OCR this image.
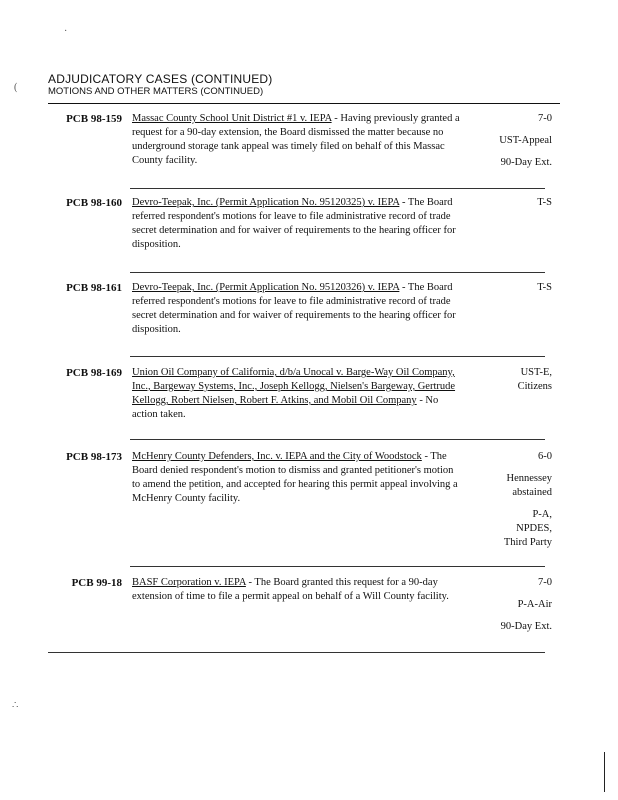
ADJUDICATORY CASES (CONTINUED)
MOTIONS AND OTHER MATTERS (CONTINUED)
PCB 98-159 Massac County School Unit District #1 v. IEPA - Having previously granted a request for a 90-day extension, the Board dismissed the matter because no underground storage tank appeal was timely filed on behalf of this Massac County facility.
7-0
UST-Appeal
90-Day Ext.
PCB 98-160 Devro-Teepak, Inc. (Permit Application No. 95120325) v. IEPA - The Board referred respondent's motions for leave to file administrative record of trade secret determination and for waiver of requirements to the hearing officer for disposition.
T-S
PCB 98-161 Devro-Teepak, Inc. (Permit Application No. 95120326) v. IEPA - The Board referred respondent's motions for leave to file administrative record of trade secret determination and for waiver of requirements to the hearing officer for disposition.
T-S
PCB 98-169 Union Oil Company of California, d/b/a Unocal v. Barge-Way Oil Company, Inc., Bargeway Systems, Inc., Joseph Kellogg, Nielsen's Bargeway, Gertrude Kellogg, Robert Nielsen, Robert F. Atkins, and Mobil Oil Company - No action taken.
UST-E,
Citizens
PCB 98-173 McHenry County Defenders, Inc. v. IEPA and the City of Woodstock - The Board denied respondent's motion to dismiss and granted petitioner's motion to amend the petition, and accepted for hearing this permit appeal involving a McHenry County facility.
6-0
Hennessey
abstained
P-A,
NPDES,
Third Party
PCB 99-18 BASF Corporation v. IEPA - The Board granted this request for a 90-day extension of time to file a permit appeal on behalf of a Will County facility.
7-0
P-A-Air
90-Day Ext.
(
·
∴
